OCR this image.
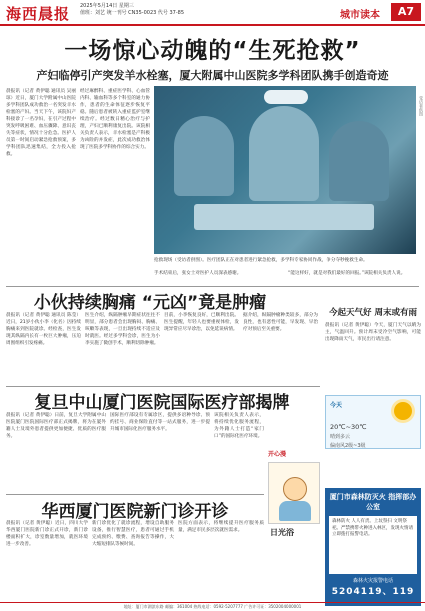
海西晨报 2025年5月14日 星期三
值班：刘艺 统一刊号 CN35-0023 代号 37-85	城市读本	A7
一场惊心动魄的“生死抢救”
产妇临停引产突发羊水栓塞，厦大附属中山医院多学科团队携手创造奇迹
晨报讯（记者 黄伊聪 通讯员 吴丽琼）近日，厦门大学附属中山医院多学科团队成功救治一名突发羊水栓塞的产妇。当天下午，该院妇产科接诊了一名孕妇，在引产过程中突发呼吸困难、血压骤降、意识丧失等症状，情况十分危急。医护人员第一时间启动紧急抢救预案，多学科团队迅速集结，全力投入抢救。
经过麻醉科、重症医学科、心血管内科、输血科等多个科室的通力协作，患者的生命体征逐步恢复平稳。随后患者被转入重症监护室继续治疗。经过数日精心治疗与护理，产妇已顺利康复出院。该院相关负责人表示，羊水栓塞是产科极为凶险的并发症，此次成功救治体现了医院多学科协作的综合实力。
受访者供图
抢救现场（受访者供图）。医疗团队正在对患者进行紧急抢救，多学科专家协同作战，争分夺秒挽救生命。
手术结束后，张女士对医护人员深表感谢。	“能这样好，就是对我们最好的回报。”该院相关负责人说。
小伙持续胸痛 “元凶”竟是肿瘤
晨报讯（记者 黄伊聪 通讯员 陈莹）近日，21岁小伙小李（化名）因持续胸痛来到医院就诊。经检查，医生发现其纵隔内长有一枚巨大肿瘤，压迫周围组织引发疼痛。
医生介绍，纵隔肿瘤早期症状往往不明显，部分患者会出现胸闷、胸痛、咳嗽等表现，一旦出现持续不适应及时就医。经过多学科会诊，医生为小李实施了微创手术，顺利切除肿瘤。
目前，小李恢复良好，已顺利出院。医生提醒，年轻人也要重视体检，发现异常应尽早诊治，以免延误病情。
据介绍，纵隔肿瘤种类较多，部分为良性，也有恶性可能，早发现、早治疗对预后至关重要。
复旦中山厦门医院国际医疗部揭牌
晨报讯（记者 黄伊聪）日前，复旦大学附属中山医院厦门医院国际医疗部正式揭牌，将为在厦外籍人士及境外患者提供更加便捷、优质的医疗服务。
国际医疗部设有专属诊区，提供多语种导诊、预约挂号、商业保险直付等一站式服务，进一步提升城市国际化医疗服务水平。
该院相关负责人表示，将持续优化服务流程，为外籍人士打造“家门口”的国际化医疗环境。
开心漫
日光浴
华西厦门医院新门诊开诊
晨报讯（记者 黄伊聪）近日，四川大学华西厦门医院新门诊正式开诊，新门诊楼面积扩大，诊室数量增加，就医环境进一步改善。
新门诊优化了就诊流程，增设自助服务设备，推行智慧医疗，患者可通过手机完成预约、缴费、查询报告等操作，大大缩短排队等候时间。
医院方面表示，将继续提升医疗服务质量，满足市民多层次就医需求。
今起天气好 周末或有雨
晨报讯（记者 黄伊聪）今天，厦门天气以晴为主，气温回升。预计周末受冷空气影响，可能出现降雨天气，市民出行请注意。
今天
20℃~30℃
晴到多云
偏南风2级~3级
厦门市森林防灭火 指挥部办公室
森林防火 人人有责。上坟祭扫 文明祭祀。严禁携带火种进入林区，发现火情请立即拨打报警电话。
森林火灾报警电话
5204119、119
地址：厦门市湖滨东路 邮编：361004 热线电话：0592-5207777 广告许可证：3502004000001
